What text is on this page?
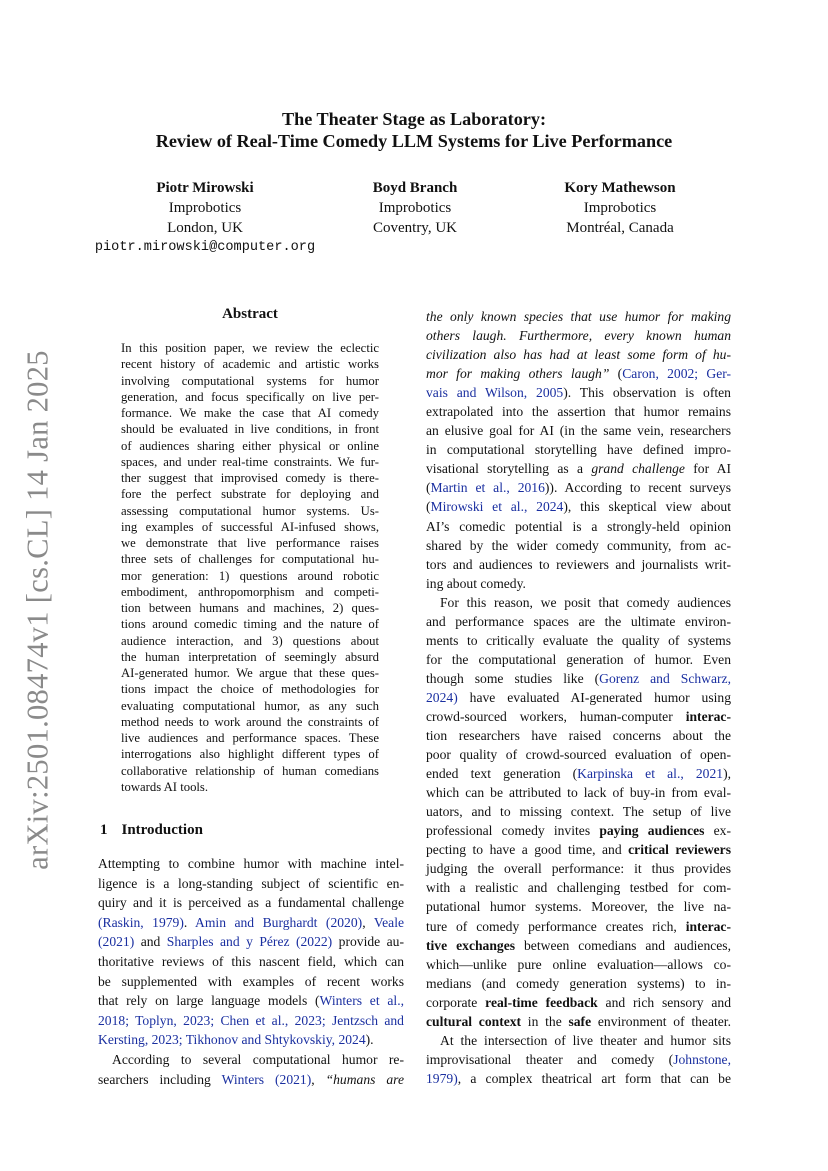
arXiv:2501.08474v1 [cs.CL] 14 Jan 2025
The Theater Stage as Laboratory:
Review of Real-Time Comedy LLM Systems for Live Performance
Piotr Mirowski
Improbotics
London, UK
piotr.mirowski@computer.org
Boyd Branch
Improbotics
Coventry, UK
Kory Mathewson
Improbotics
Montréal, Canada
Abstract
In this position paper, we review the eclectic
recent history of academic and artistic works
involving computational systems for humor
generation, and focus specifically on live per-
formance. We make the case that AI comedy
should be evaluated in live conditions, in front
of audiences sharing either physical or online
spaces, and under real-time constraints. We fur-
ther suggest that improvised comedy is there-
fore the perfect substrate for deploying and
assessing computational humor systems. Us-
ing examples of successful AI-infused shows,
we demonstrate that live performance raises
three sets of challenges for computational hu-
mor generation: 1) questions around robotic
embodiment, anthropomorphism and competi-
tion between humans and machines, 2) ques-
tions around comedic timing and the nature of
audience interaction, and 3) questions about
the human interpretation of seemingly absurd
AI-generated humor. We argue that these ques-
tions impact the choice of methodologies for
evaluating computational humor, as any such
method needs to work around the constraints of
live audiences and performance spaces. These
interrogations also highlight different types of
collaborative relationship of human comedians
towards AI tools.
1 Introduction
Attempting to combine humor with machine intel-
ligence is a long-standing subject of scientific en-
quiry and it is perceived as a fundamental challenge
(Raskin, 1979). Amin and Burghardt (2020), Veale
(2021) and Sharples and y Pérez (2022) provide au-
thoritative reviews of this nascent field, which can
be supplemented with examples of recent works
that rely on large language models (Winters et al.,
2018; Toplyn, 2023; Chen et al., 2023; Jentzsch and
Kersting, 2023; Tikhonov and Shtykovskiy, 2024).
According to several computational humor re-
searchers including Winters (2021), “humans are
the only known species that use humor for making
others laugh. Furthermore, every known human
civilization also has had at least some form of hu-
mor for making others laugh” (Caron, 2002; Ger-
vais and Wilson, 2005). This observation is often
extrapolated into the assertion that humor remains
an elusive goal for AI (in the same vein, researchers
in computational storytelling have defined impro-
visational storytelling as a grand challenge for AI
(Martin et al., 2016)). According to recent surveys
(Mirowski et al., 2024), this skeptical view about
AI’s comedic potential is a strongly-held opinion
shared by the wider comedy community, from ac-
tors and audiences to reviewers and journalists writ-
ing about comedy.
For this reason, we posit that comedy audiences
and performance spaces are the ultimate environ-
ments to critically evaluate the quality of systems
for the computational generation of humor. Even
though some studies like (Gorenz and Schwarz,
2024) have evaluated AI-generated humor using
crowd-sourced workers, human-computer interac-
tion researchers have raised concerns about the
poor quality of crowd-sourced evaluation of open-
ended text generation (Karpinska et al., 2021),
which can be attributed to lack of buy-in from eval-
uators, and to missing context. The setup of live
professional comedy invites paying audiences ex-
pecting to have a good time, and critical reviewers
judging the overall performance: it thus provides
with a realistic and challenging testbed for com-
putational humor systems. Moreover, the live na-
ture of comedy performance creates rich, interac-
tive exchanges between comedians and audiences,
which—unlike pure online evaluation—allows co-
medians (and comedy generation systems) to in-
corporate real-time feedback and rich sensory and
cultural context in the safe environment of theater.
At the intersection of live theater and humor sits
improvisational theater and comedy (Johnstone,
1979), a complex theatrical art form that can be
